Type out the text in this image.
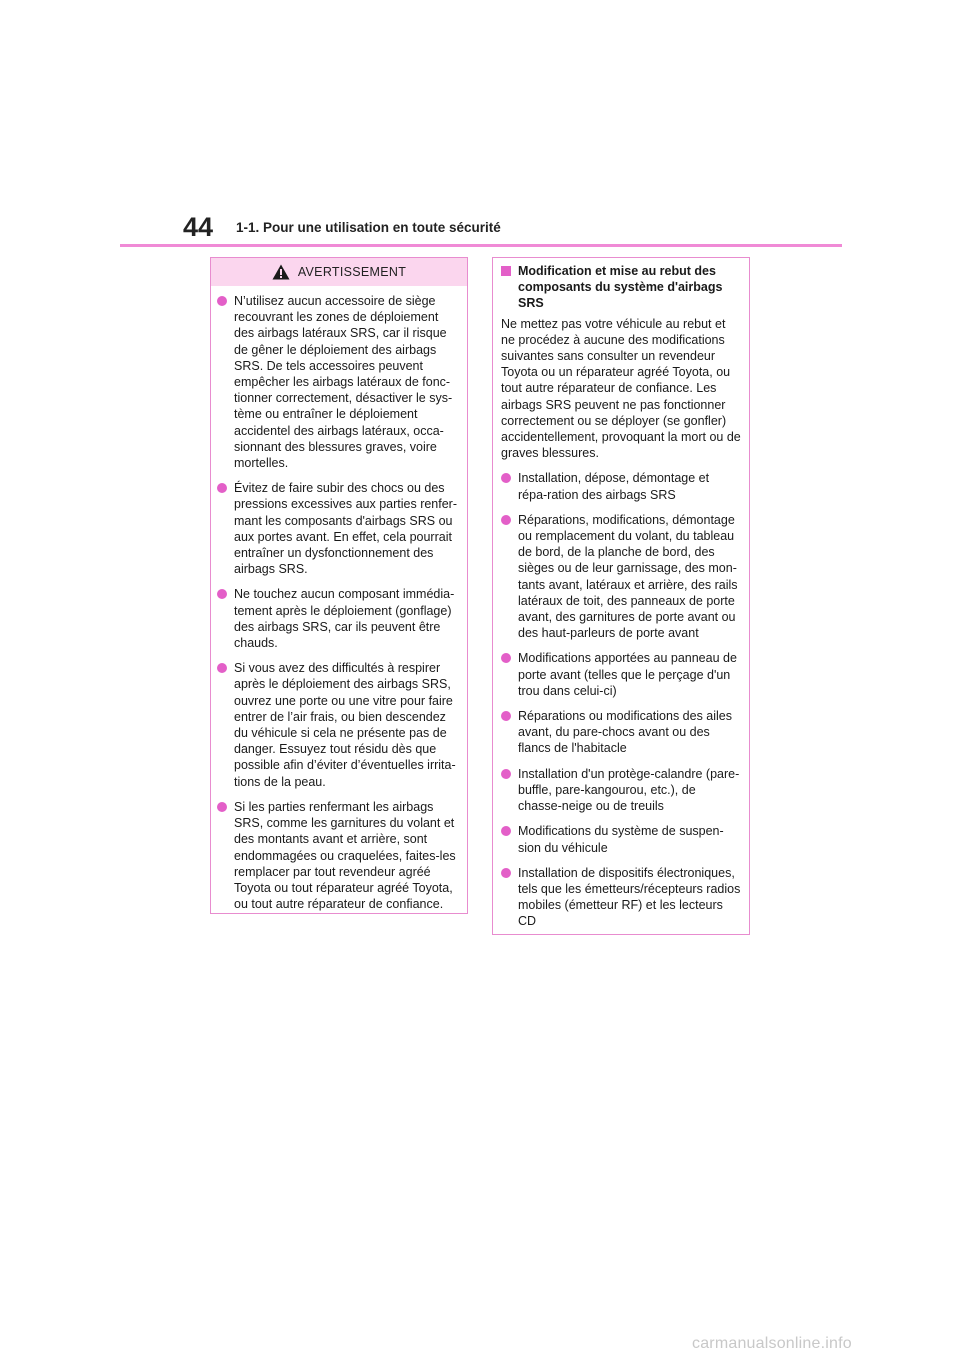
44 1-1. Pour une utilisation en toute sécurité
AVERTISSEMENT
N’utilisez aucun accessoire de siège recouvrant les zones de déploiement des airbags latéraux SRS, car il risque de gêner le déploiement des airbags SRS. De tels accessoires peuvent empêcher les airbags latéraux de fonc-tionner correctement, désactiver le sys-tème ou entraîner le déploiement accidentel des airbags latéraux, occa-sionnant des blessures graves, voire mortelles.
Évitez de faire subir des chocs ou des pressions excessives aux parties renfer-mant les composants d'airbags SRS ou aux portes avant. En effet, cela pourrait entraîner un dysfonctionnement des airbags SRS.
Ne touchez aucun composant immédia-tement après le déploiement (gonflage) des airbags SRS, car ils peuvent être chauds.
Si vous avez des difficultés à respirer après le déploiement des airbags SRS, ouvrez une porte ou une vitre pour faire entrer de l’air frais, ou bien descendez du véhicule si cela ne présente pas de danger. Essuyez tout résidu dès que possible afin d’éviter d’éventuelles irrita-tions de la peau.
Si les parties renfermant les airbags SRS, comme les garnitures du volant et des montants avant et arrière, sont endommagées ou craquelées, faites-les remplacer par tout revendeur agréé Toyota ou tout réparateur agréé Toyota, ou tout autre réparateur de confiance.
Modification et mise au rebut des composants du système d'airbags SRS
Ne mettez pas votre véhicule au rebut et ne procédez à aucune des modifications suivantes sans consulter un revendeur Toyota ou un réparateur agréé Toyota, ou tout autre réparateur de confiance. Les airbags SRS peuvent ne pas fonctionner correctement ou se déployer (se gonfler) accidentellement, provoquant la mort ou de graves blessures.
Installation, dépose, démontage et répa-ration des airbags SRS
Réparations, modifications, démontage ou remplacement du volant, du tableau de bord, de la planche de bord, des sièges ou de leur garnissage, des mon-tants avant, latéraux et arrière, des rails latéraux de toit, des panneaux de porte avant, des garnitures de porte avant ou des haut-parleurs de porte avant
Modifications apportées au panneau de porte avant (telles que le perçage d'un trou dans celui-ci)
Réparations ou modifications des ailes avant, du pare-chocs avant ou des flancs de l'habitacle
Installation d'un protège-calandre (pare-buffle, pare-kangourou, etc.), de chasse-neige ou de treuils
Modifications du système de suspen-sion du véhicule
Installation de dispositifs électroniques, tels que les émetteurs/récepteurs radios mobiles (émetteur RF) et les lecteurs CD
carmanualsonline.info
